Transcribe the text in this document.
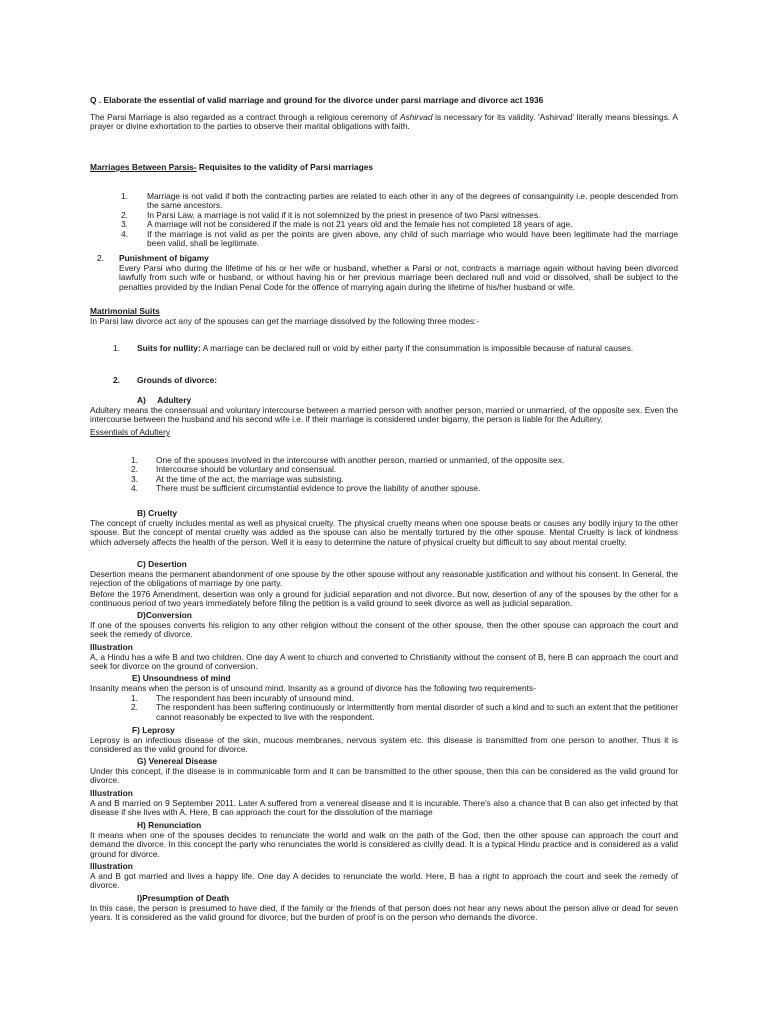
Q . Elaborate the essential of valid marriage and ground for the divorce under parsi marriage and divorce act 1936

The Parsi Marriage is also regarded as a contract through a religious ceremony of Ashirvad is necessary for its validity. 'Ashirvad' literally means blessings. A prayer or divine exhortation to the parties to observe their marital obligations with faith.

Marriages Between Parsis- Requisites to the validity of Parsi marriages

1. Marriage is not valid if both the contracting parties are related to each other in any of the degrees of consanguinity i.e. people descended from the same ancestors.
2. In Parsi Law, a marriage is not valid if it is not solemnized by the priest in presence of two Parsi witnesses.
3. A marriage will not be considered if the male is not 21 years old and the female has not completed 18 years of age.
4. If the marriage is not valid as per the points are given above, any child of such marriage who would have been legitimate had the marriage been valid, shall be legitimate.
2. Punishment of bigamy

Every Parsi who during the lifetime of his or her wife or husband, whether a Parsi or not, contracts a marriage again without having been divorced lawfully from such wife or husband, or without having his or her previous marriage been declared null and void or dissolved, shall be subject to the penalties provided by the Indian Penal Code for the offence of marrying again during the lifetime of his/her husband or wife.

Matrimonial Suits

In Parsi law divorce act any of the spouses can get the marriage dissolved by the following three modes:-

1. Suits for nullity: A marriage can be declared null or void by either party if the consummation is impossible because of natural causes.

2. Grounds of divorce:

A)     Adultery

Adultery means the consensual and voluntary intercourse between a married person with another person, married or unmarried, of the opposite sex. Even the intercourse between the husband and his second wife i.e. if their marriage is considered under bigamy, the person is liable for the Adultery.

Essentials of Adultery

1. One of the spouses involved in the intercourse with another person, married or unmarried, of the opposite sex.
2. Intercourse should be voluntary and consensual.
3. At the time of the act, the marriage was subsisting.
4. There must be sufficient circumstantial evidence to prove the liability of another spouse.

B) Cruelty

The concept of cruelty includes mental as well as physical cruelty. The physical cruelty means when one spouse beats or causes any bodily injury to the other spouse. But the concept of mental cruelty was added as the spouse can also be mentally tortured by the other spouse. Mental Cruelty is lack of kindness which adversely affects the health of the person. Well it is easy to determine the nature of physical cruelty but difficult to say about mental cruelty.

C) Desertion

Desertion means the permanent abandonment of one spouse by the other spouse without any reasonable justification and without his consent. In General, the rejection of the obligations of marriage by one party.

Before the 1976 Amendment, desertion was only a ground for judicial separation and not divorce. But now, desertion of any of the spouses by the other for a continuous period of two years immediately before filing the petition is a valid ground to seek divorce as well as judicial separation.

D)Conversion

If one of the spouses converts his religion to any other religion without the consent of the other spouse, then the other spouse can approach the court and seek the remedy of divorce.

Illustration

A, a Hindu has a wife B and two children. One day A went to church and converted to Christianity without the consent of B, here B can approach the court and seek for divorce on the ground of conversion.

E) Unsoundness of mind

Insanity means when the person is of unsound mind. Insanity as a ground of divorce has the following two requirements-

1. The respondent has been incurably of unsound mind.
2. The respondent has been suffering continuously or intermittently from mental disorder of such a kind and to such an extent that the petitioner cannot reasonably be expected to live with the respondent.

F) Leprosy

Leprosy is an infectious disease of the skin, mucous membranes, nervous system etc. this disease is transmitted from one person to another. Thus it is considered as the valid ground for divorce.

G) Venereal Disease

Under this concept, if the disease is in communicable form and it can be transmitted to the other spouse, then this can be considered as the valid ground for divorce.

Illustration

A and B married on 9 September 2011. Later A suffered from a venereal disease and it is incurable. There's also a chance that B can also get infected by that disease if she lives with A. Here, B can approach the court for the dissolution of the marriage

H) Renunciation

It means when one of the spouses decides to renunciate the world and walk on the path of the God, then the other spouse can approach the court and demand the divorce. In this concept the party who renunciates the world is considered as civilly dead. It is a typical Hindu practice and is considered as a valid ground for divorce.

Illustration

A and B got married and lives a happy life. One day A decides to renunciate the world. Here, B has a right to approach the court and seek the remedy of divorce.

I)Presumption of Death

In this case, the person is presumed to have died, if the family or the friends of that person does not hear any news about the person alive or dead for seven years. It is considered as the valid ground for divorce, but the burden of proof is on the person who demands the divorce.
